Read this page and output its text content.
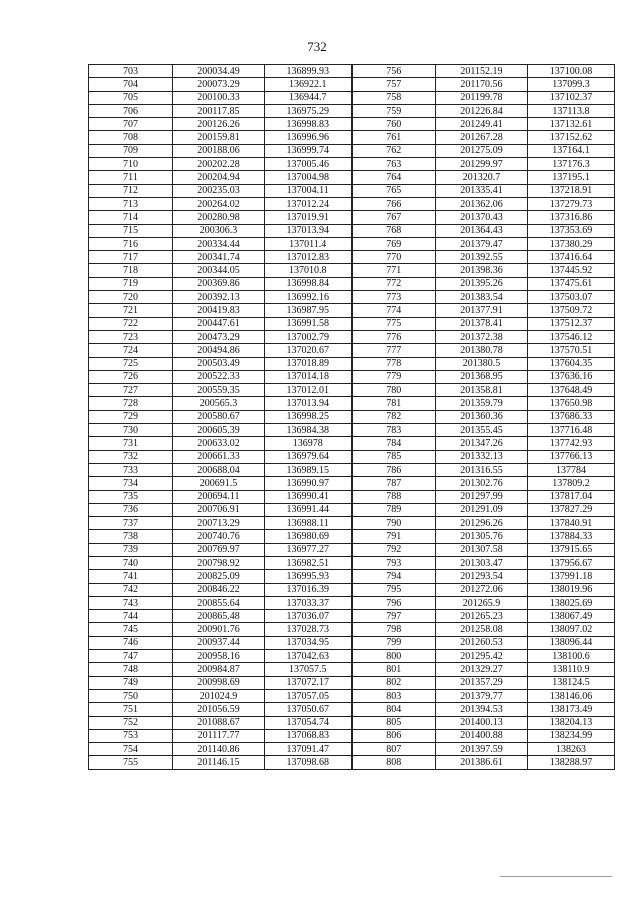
732
703	200034.49	136899.93	756	201152.19	137100.08
704	200073.29	136922.1	757	201170.56	137099.3
705	200100.33	136944.7	758	201199.78	137102.37
706	200117.85	136975.29	759	201226.84	137113.8
707	200126.26	136998.83	760	201249.41	137132.61
708	200159.81	136996.96	761	201267.28	137152.62
709	200188.06	136999.74	762	201275.09	137164.1
710	200202.28	137005.46	763	201299.97	137176.3
711	200204.94	137004.98	764	201320.7	137195.1
712	200235.03	137004.11	765	201335.41	137218.91
713	200264.02	137012.24	766	201362.06	137279.73
714	200280.98	137019.91	767	201370.43	137316.86
715	200306.3	137013.94	768	201364.43	137353.69
716	200334.44	137011.4	769	201379.47	137380.29
717	200341.74	137012.83	770	201392.55	137416.64
718	200344.05	137010.8	771	201398.36	137445.92
719	200369.86	136998.84	772	201395.26	137475.61
720	200392.13	136992.16	773	201383.54	137503.07
721	200419.83	136987.95	774	201377.91	137509.72
722	200447.61	136991.58	775	201378.41	137512.37
723	200473.29	137002.79	776	201372.38	137546.12
724	200494.86	137020.67	777	201380.78	137570.51
725	200503.49	137018.89	778	201380.5	137604.35
726	200522.33	137014.18	779	201368.95	137636.16
727	200559.35	137012.01	780	201358.81	137648.49
728	200565.3	137013.94	781	201359.79	137650.98
729	200580.67	136998.25	782	201360.36	137686.33
730	200605.39	136984.38	783	201355.45	137716.48
731	200633.02	136978	784	201347.26	137742.93
732	200661.33	136979.64	785	201332.13	137766.13
733	200688.04	136989.15	786	201316.55	137784
734	200691.5	136990.97	787	201302.76	137809.2
735	200694.11	136990.41	788	201297.99	137817.04
736	200706.91	136991.44	789	201291.09	137827.29
737	200713.29	136988.11	790	201296.26	137840.91
738	200740.76	136980.69	791	201305.76	137884.33
739	200769.97	136977.27	792	201307.58	137915.65
740	200798.92	136982.51	793	201303.47	137956.67
741	200825.09	136995.93	794	201293.54	137991.18
742	200846.22	137016.39	795	201272.06	138019.96
743	200855.64	137033.37	796	201265.9	138025.69
744	200865.48	137036.07	797	201265.23	138067.49
745	200901.76	137028.73	798	201258.08	138097.02
746	200937.44	137034.95	799	201260.53	138096.44
747	200958.16	137042.63	800	201295.42	138100.6
748	200984.87	137057.5	801	201329.27	138110.9
749	200998.69	137072.17	802	201357.29	138124.5
750	201024.9	137057.05	803	201379.77	138146.06
751	201056.59	137050.67	804	201394.53	138173.49
752	201088.67	137054.74	805	201400.13	138204.13
753	201117.77	137068.83	806	201400.88	138234.99
754	201140.86	137091.47	807	201397.59	138263
755	201146.15	137098.68	808	201386.61	138288.97
